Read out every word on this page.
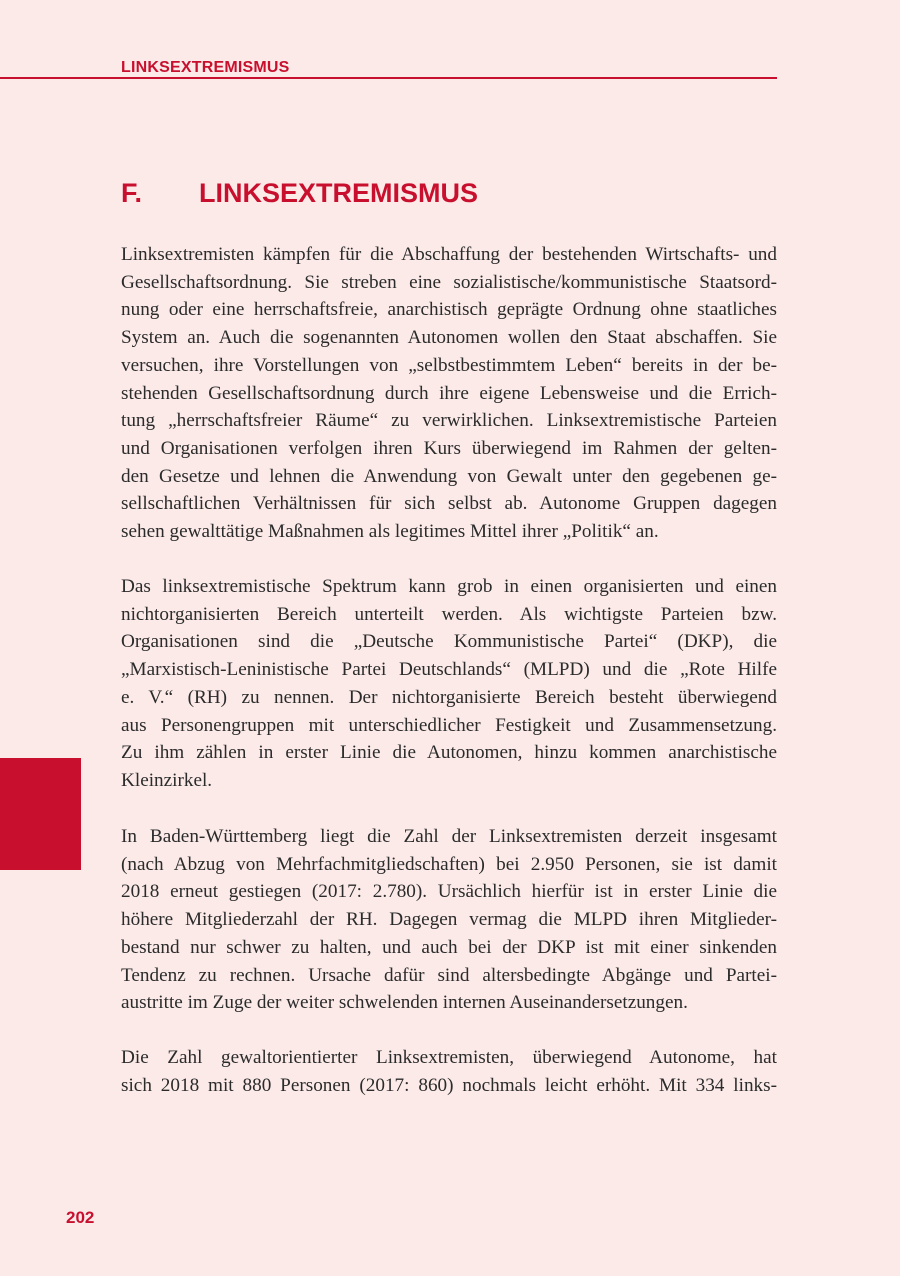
LINKSEXTREMISMUS
F. LINKSEXTREMISMUS
Linksextremisten kämpfen für die Abschaffung der bestehenden Wirtschafts- und
Gesellschaftsordnung. Sie streben eine sozialistische/kommunistische Staatsord-
nung oder eine herrschaftsfreie, anarchistisch geprägte Ordnung ohne staatliches
System an. Auch die sogenannten Autonomen wollen den Staat abschaffen. Sie
versuchen, ihre Vorstellungen von „selbstbestimmtem Leben“ bereits in der be-
stehenden Gesellschaftsordnung durch ihre eigene Lebensweise und die Errich-
tung „herrschaftsfreier Räume“ zu verwirklichen. Linksextremistische Parteien
und Organisationen verfolgen ihren Kurs überwiegend im Rahmen der gelten-
den Gesetze und lehnen die Anwendung von Gewalt unter den gegebenen ge-
sellschaftlichen Verhältnissen für sich selbst ab. Autonome Gruppen dagegen
sehen gewalttätige Maßnahmen als legitimes Mittel ihrer „Politik“ an.
Das linksextremistische Spektrum kann grob in einen organisierten und einen
nichtorganisierten Bereich unterteilt werden. Als wichtigste Parteien bzw.
Organisationen sind die „Deutsche Kommunistische Partei“ (DKP), die
„Marxistisch-Leninistische Partei Deutschlands“ (MLPD) und die „Rote Hilfe
e. V.“ (RH) zu nennen. Der nichtorganisierte Bereich besteht überwiegend
aus Personengruppen mit unterschiedlicher Festigkeit und Zusammensetzung.
Zu ihm zählen in erster Linie die Autonomen, hinzu kommen anarchistische
Kleinzirkel.
In Baden-Württemberg liegt die Zahl der Linksextremisten derzeit insgesamt
(nach Abzug von Mehrfachmitgliedschaften) bei 2.950 Personen, sie ist damit
2018 erneut gestiegen (2017: 2.780). Ursächlich hierfür ist in erster Linie die
höhere Mitgliederzahl der RH. Dagegen vermag die MLPD ihren Mitglieder-
bestand nur schwer zu halten, und auch bei der DKP ist mit einer sinkenden
Tendenz zu rechnen. Ursache dafür sind altersbedingte Abgänge und Partei-
austritte im Zuge der weiter schwelenden internen Auseinandersetzungen.
Die Zahl gewaltorientierter Linksextremisten, überwiegend Autonome, hat
sich 2018 mit 880 Personen (2017: 860) nochmals leicht erhöht. Mit 334 links-
202
